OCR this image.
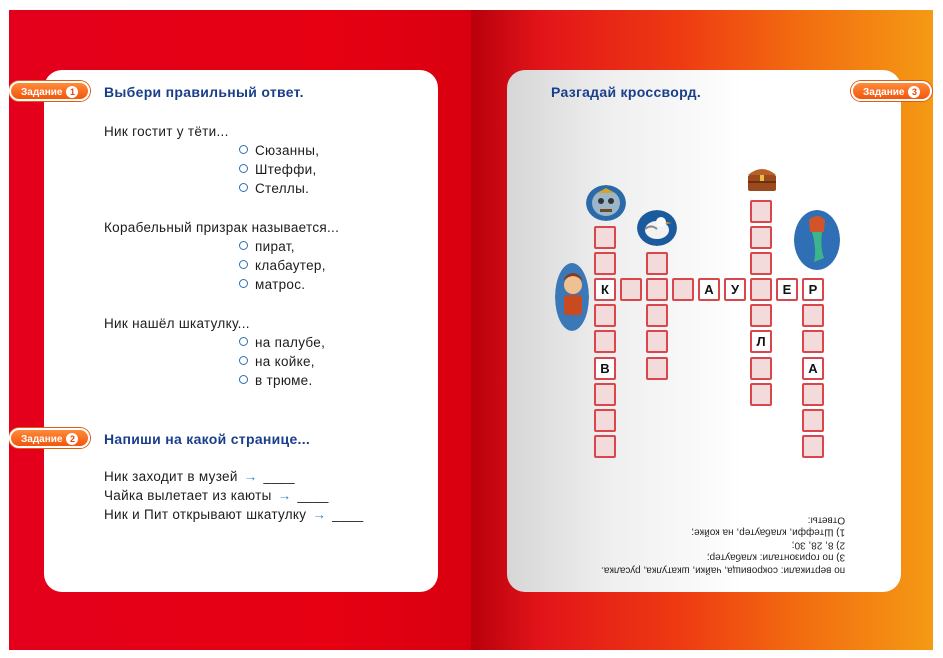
Задание 1	Выбери правильный ответ.
Ник гостит у тёти...
Сюзанны,
Штеффи,
Стеллы.
Корабельный призрак называется...
пират,
клабаутер,
матрос.
Ник нашёл шкатулку...
на палубе,
на койке,
в трюме.
Задание 2	Напиши на какой странице...
Ник заходит в музей → ____
Чайка вылетает из каюты → ____
Ник и Пит открывают шкатулку → ____
Разгадай кроссворд.	Задание 3
К
В
А	У	Е	Р
Л
А
по вертикали: сокровища, чайки, шкатулка, русалка.
3) по горизонтали: клабаутер;
2) 8, 28, 30;
1) Штеффи, клабаутер, на койке;
Ответы:
